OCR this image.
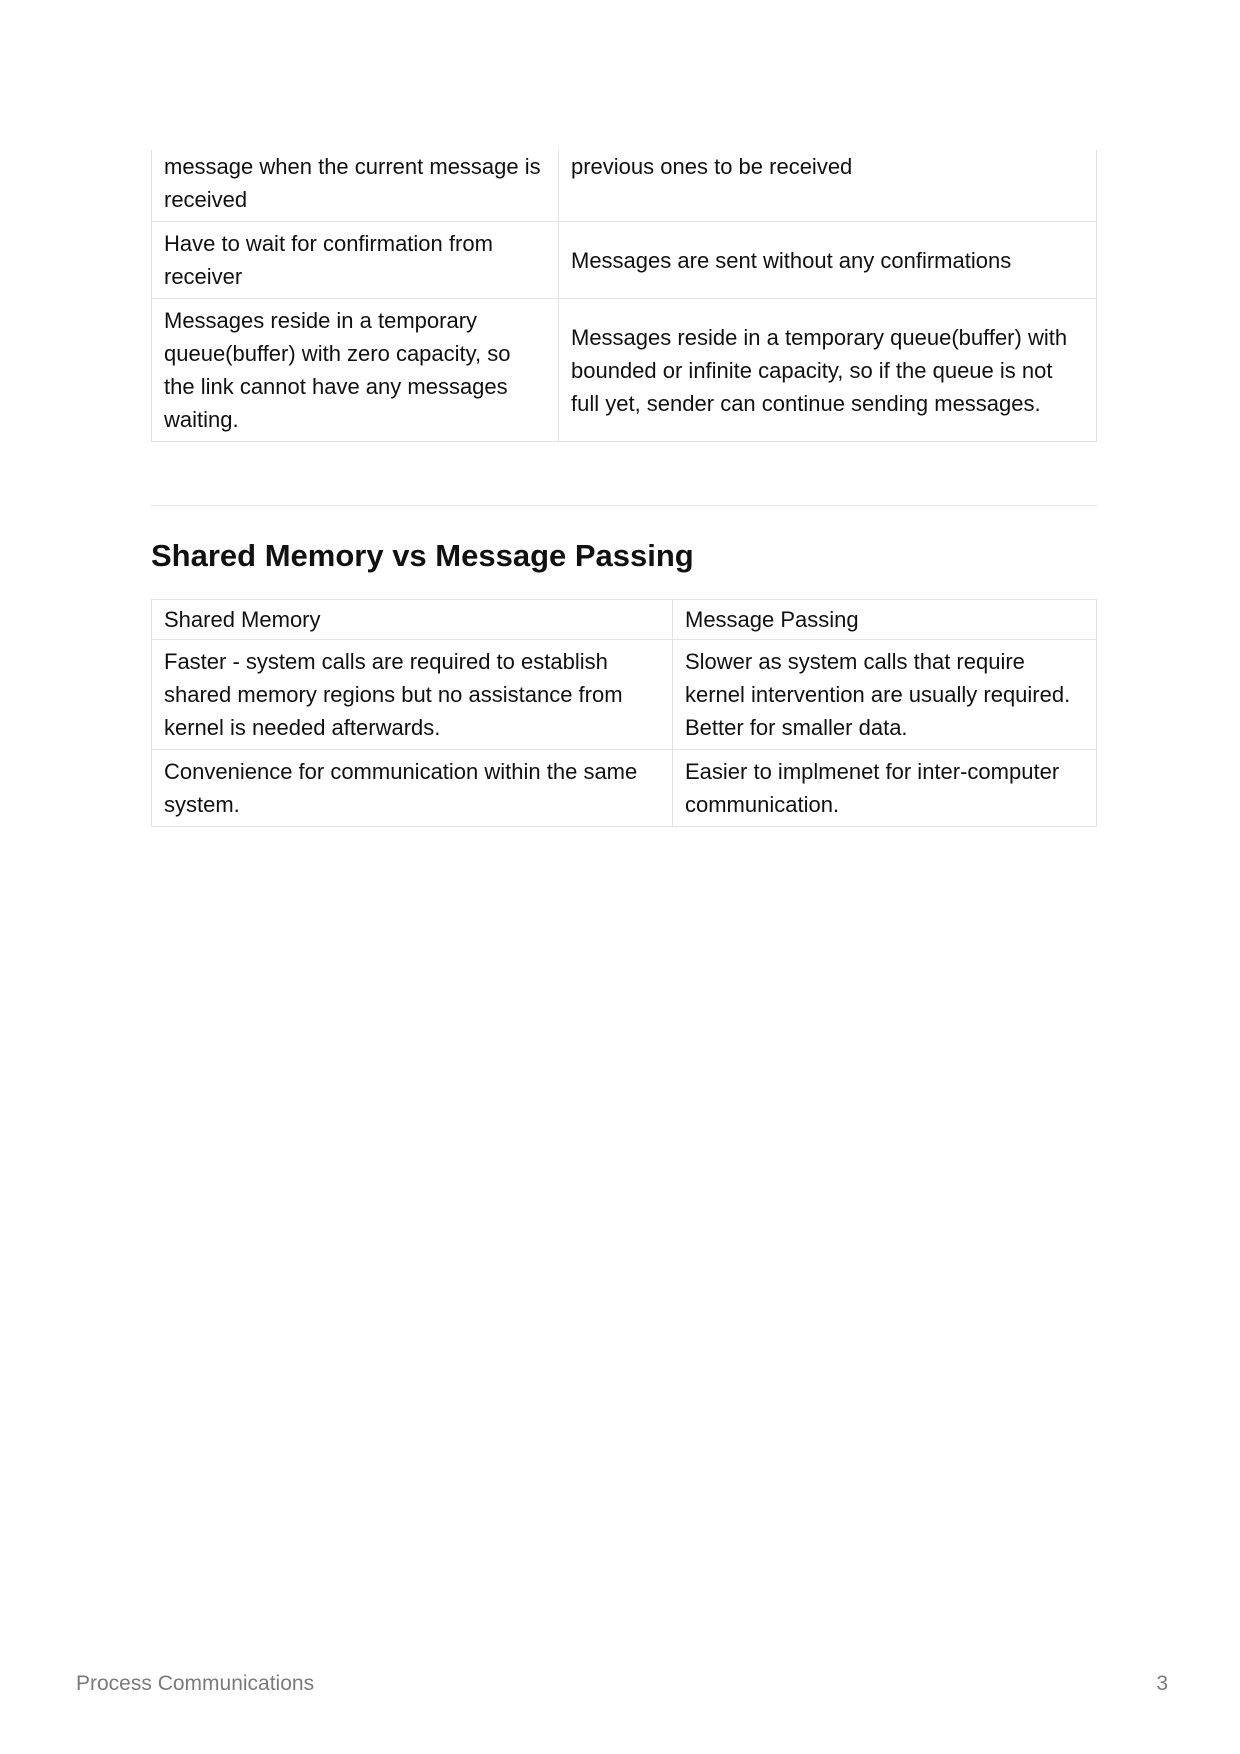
message when the current message is received	previous ones to be received
Have to wait for confirmation from receiver	Messages are sent without any confirmations
Messages reside in a temporary queue(buffer) with zero capacity, so the link cannot have any messages waiting.	Messages reside in a temporary queue(buffer) with bounded or infinite capacity, so if the queue is not full yet, sender can continue sending messages.
Shared Memory vs Message Passing
Shared Memory	Message Passing
Faster - system calls are required to establish shared memory regions but no assistance from kernel is needed afterwards.	Slower as system calls that require kernel intervention are usually required. Better for smaller data.
Convenience for communication within the same system.	Easier to implmenet for inter-computer communication.
Process Communications	3
